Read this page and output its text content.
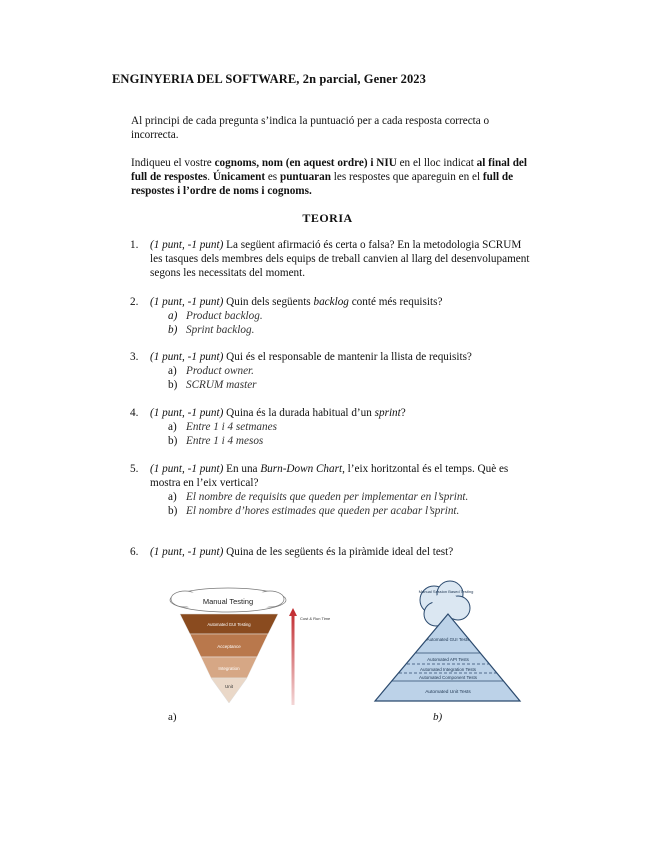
ENGINYERIA DEL SOFTWARE, 2n parcial, Gener 2023
Al principi de cada pregunta s’indica la puntuació per a cada resposta correcta o incorrecta.
Indiqueu el vostre cognoms, nom (en aquest ordre) i NIU en el lloc indicat al final del full de respostes. Únicament es puntuaran les respostes que apareguin en el full de respostes i l’ordre de noms i cognoms.
TEORIA
1. (1 punt, -1 punt) La següent afirmació és certa o falsa? En la metodologia SCRUM les tasques dels membres dels equips de treball canvien al llarg del desenvolupament segons les necessitats del moment.
2. (1 punt, -1 punt) Quin dels següents backlog conté més requisits?
a) Product backlog.
b) Sprint backlog.
3. (1 punt, -1 punt) Qui és el responsable de mantenir la llista de requisits?
a) Product owner.
b) SCRUM master
4. (1 punt, -1 punt) Quina és la durada habitual d’un sprint?
a) Entre 1 i 4 setmanes
b) Entre 1 i 4 mesos
5. (1 punt, -1 punt) En una Burn-Down Chart, l’eix horitzontal és el temps. Què es mostra en l’eix vertical?
a) El nombre de requisits que queden per implementar en l’sprint.
b) El nombre d’hores estimades que queden per acabar l’sprint.
6. (1 punt, -1 punt) Quina de les següents és la piràmide ideal del test?
Manual Testing
Automated GUI Testing
Acceptance
Integration
Unit
Cost & Run Time
Manual Session Based Testing
Automated GUI Tests
Automated API Tests
Automated Integration Tests
Automated Component Tests
Automated Unit Tests
a)	b)
